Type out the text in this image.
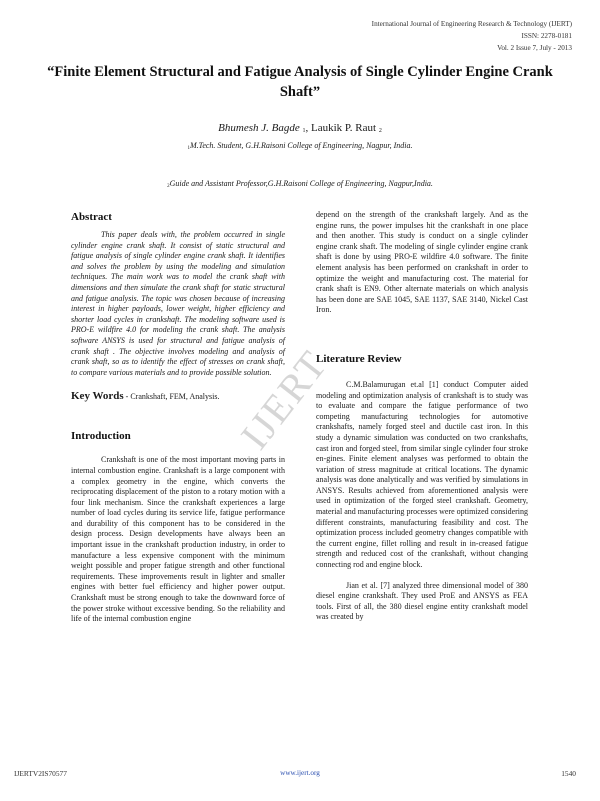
International Journal of Engineering Research & Technology (IJERT)
ISSN: 2278-0181
Vol. 2 Issue 7, July - 2013
“Finite Element Structural and Fatigue Analysis of Single Cylinder Engine Crank Shaft”
Bhumesh J. Bagde $_1$, Laukik P. Raut $_2$
$_1$M.Tech. Student, G.H.Raisoni College of Engineering, Nagpur, India.
$_2$Guide and Assistant Professor,G.H.Raisoni College of Engineering, Nagpur,India.
Abstract

This paper deals with, the problem occurred in single cylinder engine crank shaft. It consist of static structural and fatigue analysis of single cylinder engine crank shaft. It identifies and solves the problem by using the modeling and simulation techniques. The main work was to model the crank shaft with dimensions and then simulate the crank shaft for static structural and fatigue analysis. The topic was chosen because of increasing interest in higher payloads, lower weight, higher efficiency and shorter load cycles in crankshaft. The modeling software used is PRO-E wildfire 4.0 for modeling the crank shaft. The analysis software ANSYS is used for structural and fatigue analysis of crank shaft . The objective involves modeling and analysis of crank shaft, so as to identify the effect of stresses on crank shaft, to compare various materials and to provide possible solution.

Key Words - Crankshaft, FEM, Analysis.
Introduction

Crankshaft is one of the most important moving parts in internal combustion engine. Crankshaft is a large component with a complex geometry in the engine, which converts the reciprocating displacement of the piston to a rotary motion with a four link mechanism. Since the crankshaft experiences a large number of load cycles during its service life, fatigue performance and durability of this component has to be considered in the design process. Design developments have always been an important issue in the crankshaft production industry, in order to manufacture a less expensive component with the minimum weight possible and proper fatigue strength and other functional requirements. These improvements result in lighter and smaller engines with better fuel efficiency and higher power output. Crankshaft must be strong enough to take the downward force of the power stroke without excessive bending. So the reliability and life of the internal combustion engine

depend on the strength of the crankshaft largely. And as the engine runs, the power impulses hit the crankshaft in one place and then another. This study is conduct on a single cylinder engine crank shaft. The modeling of single cylinder engine crank shaft is done by using PRO-E wildfire 4.0 software. The finite element analysis has been performed on crankshaft in order to optimize the weight and manufacturing cost. The material for crank shaft is EN9. Other alternate materials on which analysis has been done are SAE 1045, SAE 1137, SAE 3140, Nickel Cast Iron.

Literature Review

C.M.Balamurugan et.al [1] conduct Computer aided modeling and optimization analysis of crankshaft is to study was to evaluate and compare the fatigue performance of two competing manufacturing technologies for automotive crankshafts, namely forged steel and ductile cast iron. In this study a dynamic simulation was conducted on two crankshafts, cast iron and forged steel, from similar single cylinder four stroke en-gines. Finite element analyses was performed to obtain the variation of stress magnitude at critical locations. The dynamic analysis was done analytically and was verified by simulations in ANSYS. Results achieved from aforementioned analysis were used in optimization of the forged steel crankshaft. Geometry, material and manufacturing processes were optimized considering different constraints, manufacturing feasibility and cost. The optimization process included geometry changes compatible with the current engine, fillet rolling and result in in-creased fatigue strength and reduced cost of the crankshaft, without changing connecting rod and engine block.

Jian et al. [7] analyzed three dimensional model of 380 diesel engine crankshaft. They used ProE and ANSYS as FEA tools. First of all, the 380 diesel engine entity crankshaft model was created by

IJERT
IJERTV2IS70577	www.ijert.org	1540
